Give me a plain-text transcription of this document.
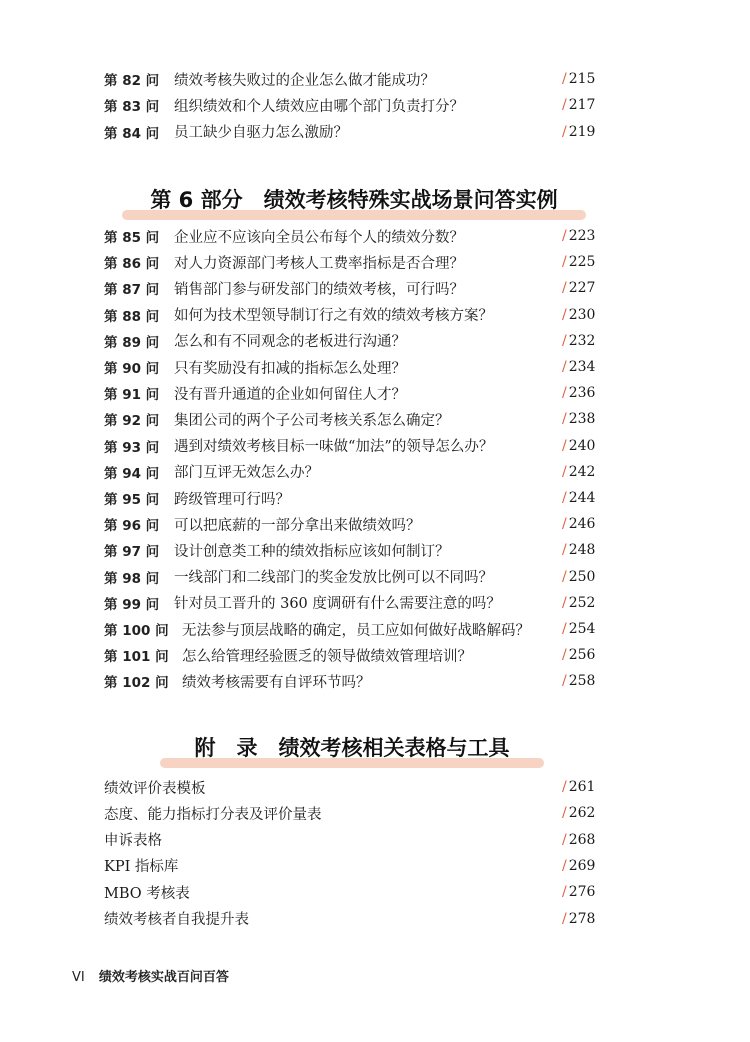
第 82 问	绩效考核失败过的企业怎么做才能成功？	/ 215
第 83 问	组织绩效和个人绩效应由哪个部门负责打分？	/ 217
第 84 问	员工缺少自驱力怎么激励？	/ 219
第 6 部分　绩效考核特殊实战场景问答实例
第 85 问	企业应不应该向全员公布每个人的绩效分数？	/ 223
第 86 问	对人力资源部门考核人工费率指标是否合理？	/ 225
第 87 问	销售部门参与研发部门的绩效考核，可行吗？	/ 227
第 88 问	如何为技术型领导制订行之有效的绩效考核方案？	/ 230
第 89 问	怎么和有不同观念的老板进行沟通？	/ 232
第 90 问	只有奖励没有扣减的指标怎么处理？	/ 234
第 91 问	没有晋升通道的企业如何留住人才？	/ 236
第 92 问	集团公司的两个子公司考核关系怎么确定？	/ 238
第 93 问	遇到对绩效考核目标一味做“加法”的领导怎么办？	/ 240
第 94 问	部门互评无效怎么办？	/ 242
第 95 问	跨级管理可行吗？	/ 244
第 96 问	可以把底薪的一部分拿出来做绩效吗？	/ 246
第 97 问	设计创意类工种的绩效指标应该如何制订？	/ 248
第 98 问	一线部门和二线部门的奖金发放比例可以不同吗？	/ 250
第 99 问	针对员工晋升的 360 度调研有什么需要注意的吗？	/ 252
第 100 问 无法参与顶层战略的确定，员工应如何做好战略解码？	/ 254
第 101 问 怎么给管理经验匮乏的领导做绩效管理培训？	/ 256
第 102 问 绩效考核需要有自评环节吗？	/ 258
附　录　绩效考核相关表格与工具
绩效评价表模板	/ 261
态度、能力指标打分表及评价量表	/ 262
申诉表格	/ 268
KPI 指标库	/ 269
MBO 考核表	/ 276
绩效考核者自我提升表	/ 278
VI 绩效考核实战百问百答
